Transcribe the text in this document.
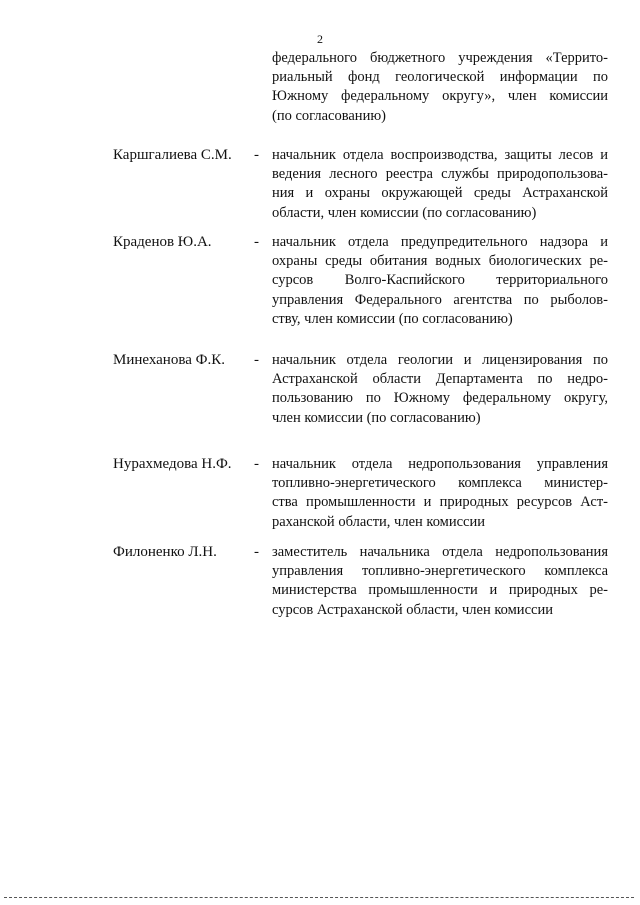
2
федерального бюджетного учреждения «Террито-
риальный фонд геологической информации по
Южному федеральному округу», член комиссии
(по согласованию)
Каршгалиева С.М.	- начальник отдела воспроизводства, защиты лесов и
ведения лесного реестра службы природопользова-
ния и охраны окружающей среды Астраханской
области, член комиссии (по согласованию)
Краденов Ю.А.	- начальник отдела предупредительного надзора и
охраны среды обитания водных биологических ре-
сурсов Волго-Каспийского территориального
управления Федерального агентства по рыболов-
ству, член комиссии (по согласованию)
Минеханова Ф.К.	- начальник отдела геологии и лицензирования по
Астраханской области Департамента по недро-
пользованию по Южному федеральному округу,
член комиссии (по согласованию)
Нурахмедова Н.Ф.	- начальник отдела недропользования управления
топливно-энергетического комплекса министер-
ства промышленности и природных ресурсов Аст-
раханской области, член комиссии
Филоненко Л.Н.	- заместитель начальника отдела недропользования
управления топливно-энергетического комплекса
министерства промышленности и природных ре-
сурсов Астраханской области, член комиссии
